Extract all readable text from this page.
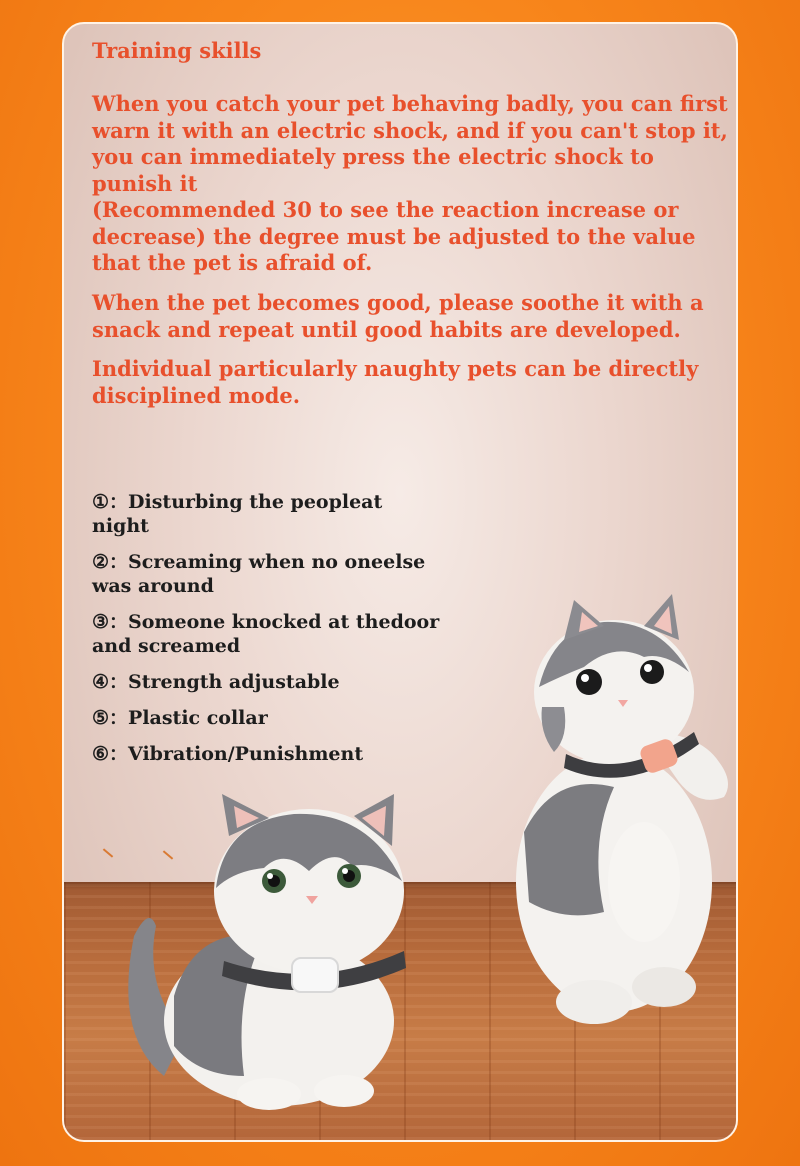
Training skills

When you catch your pet behaving badly, you can first
warn it with an electric shock, and if you can't stop it,
you can immediately press the electric shock to
punish it
(Recommended 30 to see the reaction increase or
decrease) the degree must be adjusted to the value
that the pet is afraid of.

When the pet becomes good, please soothe it with a
snack and repeat until good habits are developed.

Individual particularly naughty pets can be directly
disciplined mode.

①：Disturbing the peopleat
night
②：Screaming when no oneelse
was around
③：Someone knocked at thedoor
and screamed
④：Strength adjustable
⑤：Plastic collar
⑥：Vibration/Punishment
